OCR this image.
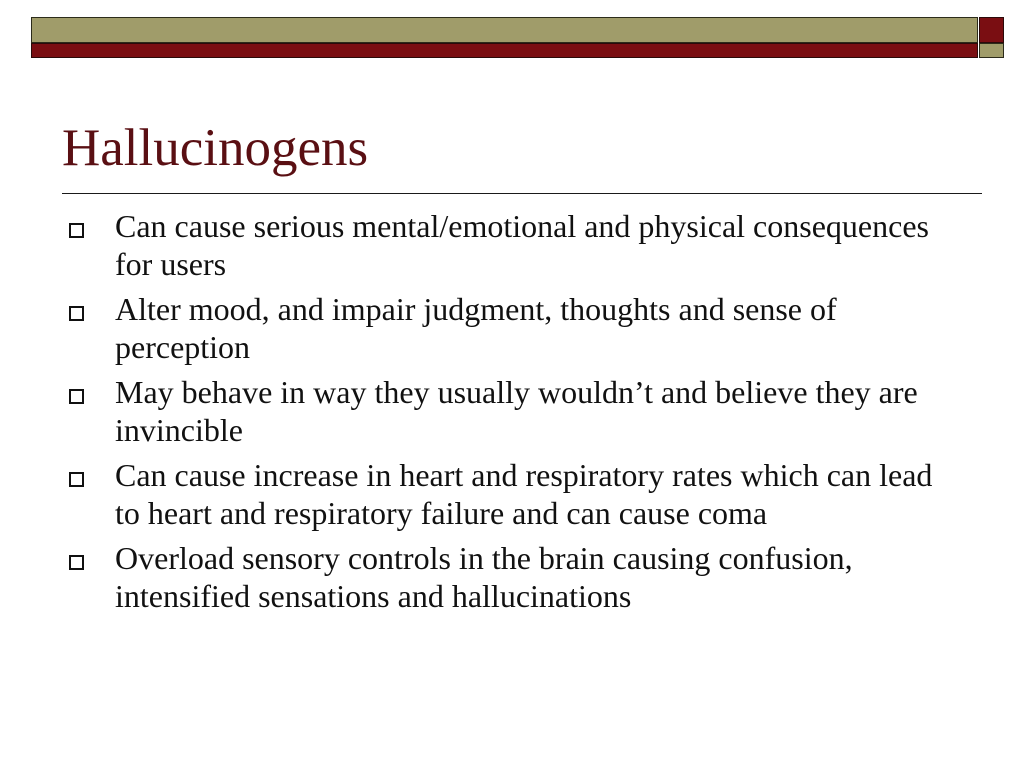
Hallucinogens
Can cause serious mental/emotional and physical consequences for users
Alter mood, and impair judgment, thoughts and sense of perception
May behave in way they usually wouldn’t and believe they are invincible
Can cause increase in heart and respiratory rates which can lead to heart and respiratory failure and can cause coma
Overload sensory controls in the brain causing confusion, intensified sensations and hallucinations
